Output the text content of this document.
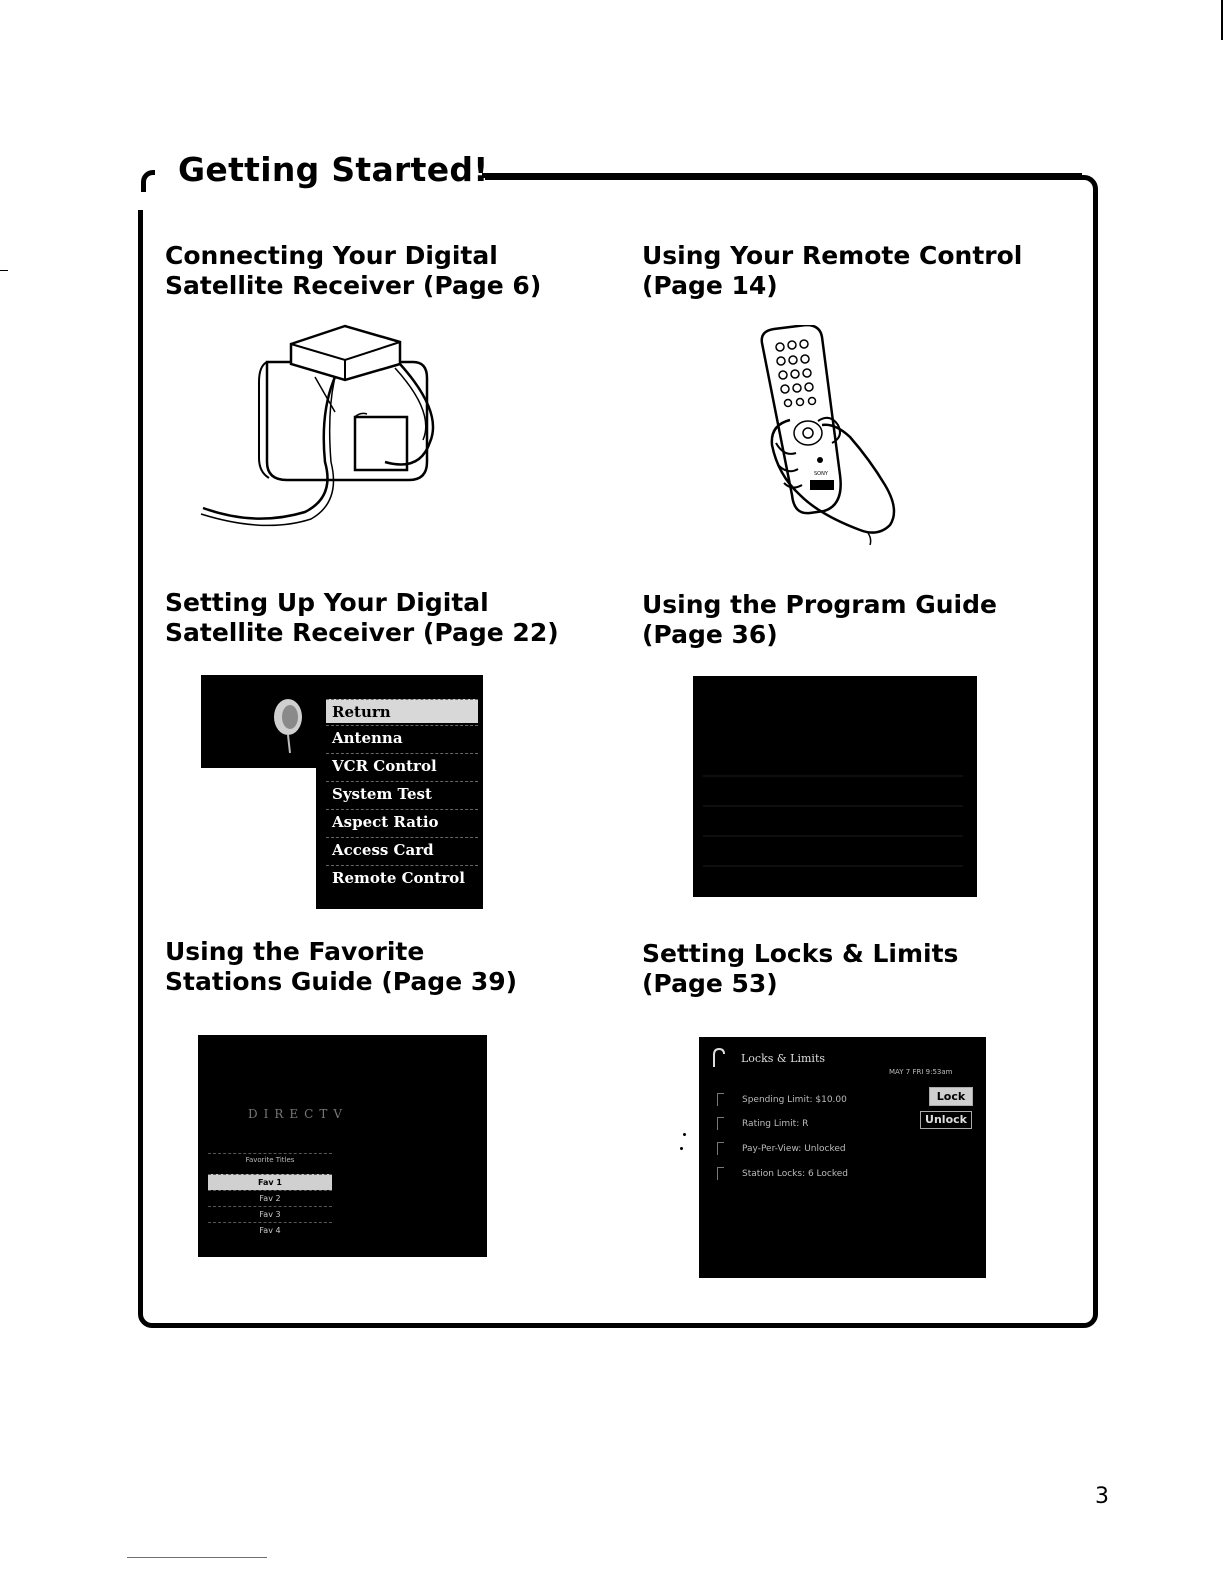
Getting Started!
Connecting Your Digital
Satellite Receiver (Page 6)
Using Your Remote Control
(Page 14)
SONY
Setting Up Your Digital
Satellite Receiver (Page 22)
Return
Antenna
VCR Control
System Test
Aspect Ratio
Access Card
Remote Control
Using the Program Guide
(Page 36)
Using the Favorite
Stations Guide (Page 39)
DIRECTV
Favorite Titles
Fav 1
Fav 2
Fav 3
Fav 4
Setting Locks & Limits
(Page 53)
Locks & Limits
MAY 7 FRI 9:53am
Spending Limit: $10.00
Rating Limit: R
Pay-Per-View: Unlocked
Station Locks: 6 Locked
Lock
Unlock
3
